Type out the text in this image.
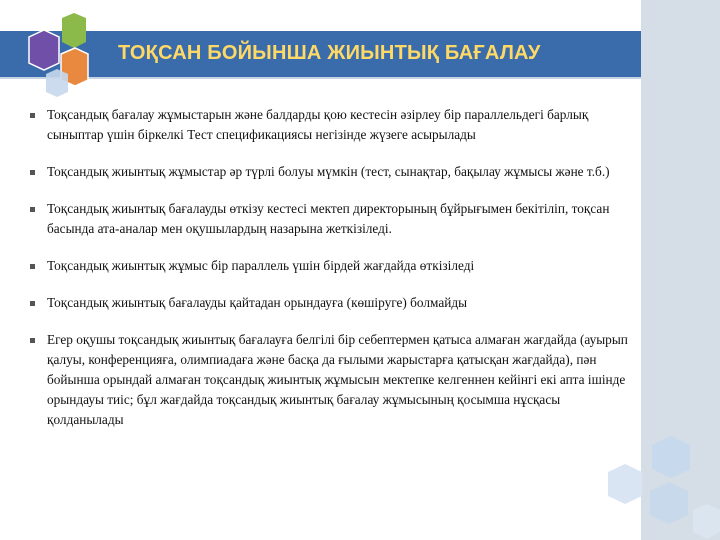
ТОҚСАН БОЙЫНША ЖИЫНТЫҚ БАҒАЛАУ
Тоқсандық бағалау жұмыстарын және балдарды қою кестесін әзірлеу бір параллельдегі барлық сыныптар үшін біркелкі Тест спецификациясы негізінде жүзеге асырылады
Тоқсандық жиынтық жұмыстар әр түрлі болуы мүмкін (тест, сынақтар, бақылау жұмысы және т.б.)
Тоқсандық жиынтық бағалауды өткізу кестесі мектеп директорының бұйрығымен бекітіліп, тоқсан басында ата-аналар мен оқушылардың назарына жеткізіледі.
Тоқсандық жиынтық жұмыс бір параллель үшін бірдей жағдайда өткізіледі
Тоқсандық жиынтық бағалауды қайтадан орындауға (көшіруге) болмайды
Егер оқушы тоқсандық жиынтық бағалауға белгілі бір себептермен қатыса алмаған жағдайда (ауырып қалуы, конференцияға, олимпиадаға және басқа да ғылыми жарыстарға қатысқан жағдайда), пән бойынша орындай алмаған тоқсандық жиынтық жұмысын мектепке келгеннен кейінгі екі апта ішінде орындауы тиіс; бұл жағдайда тоқсандық жиынтық бағалау жұмысының қосымша нұсқасы қолданылады
